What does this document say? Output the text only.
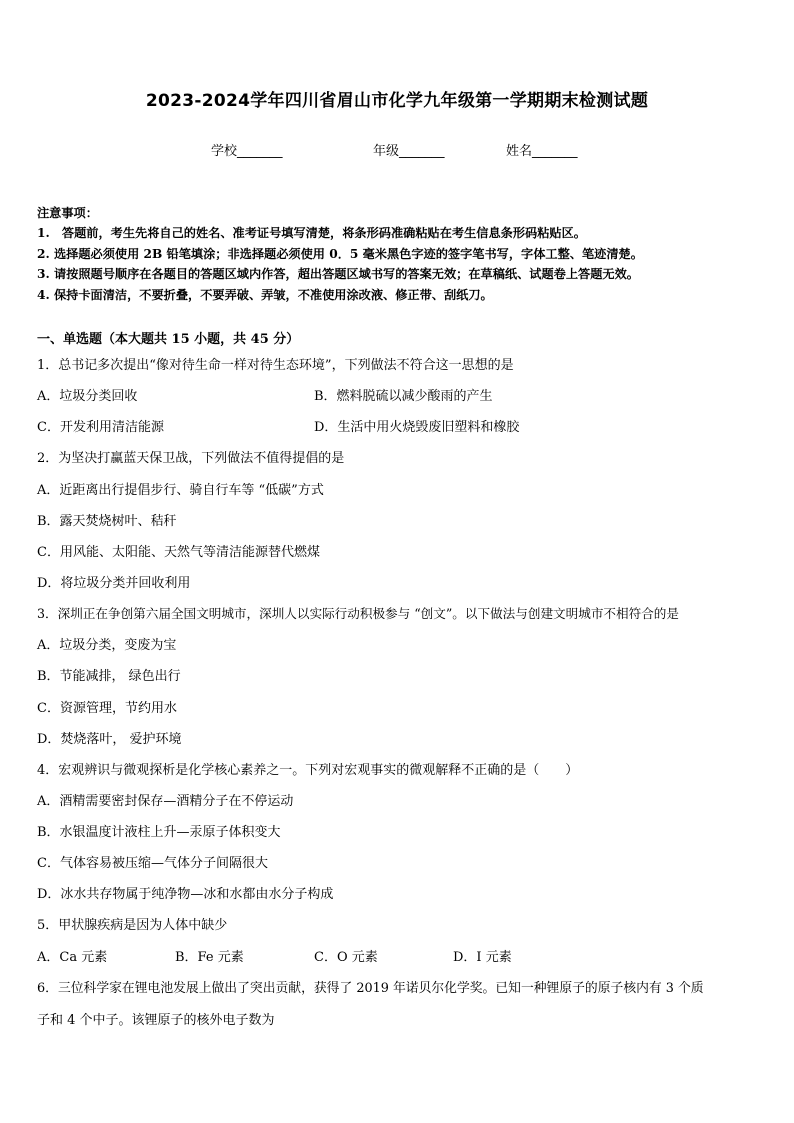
2023-2024学年四川省眉山市化学九年级第一学期期末检测试题
学校_______	年级_______	姓名_______
注意事项：
1.　答题前，考生先将自己的姓名、准考证号填写清楚，将条形码准确粘贴在考生信息条形码粘贴区。
2. 选择题必须使用 2B 铅笔填涂；非选择题必须使用 0．5 毫米黑色字迹的签字笔书写，字体工整、笔迹清楚。
3. 请按照题号顺序在各题目的答题区域内作答，超出答题区域书写的答案无效；在草稿纸、试题卷上答题无效。
4. 保持卡面清洁，不要折叠，不要弄破、弄皱，不准使用涂改液、修正带、刮纸刀。
一、单选题（本大题共 15 小题，共 45 分）
1．总书记多次提出“像对待生命一样对待生态环境”，下列做法不符合这一思想的是
A．垃圾分类回收	B．燃料脱硫以减少酸雨的产生
C．开发利用清洁能源	D．生活中用火烧毁废旧塑料和橡胶
2．为坚决打赢蓝天保卫战，下列做法不值得提倡的是
A．近距离出行提倡步行、骑自行车等 “低碳”方式
B．露天焚烧树叶、秸秆
C．用风能、太阳能、天然气等清洁能源替代燃煤
D．将垃圾分类并回收利用
3．深圳正在争创第六届全国文明城市，深圳人以实际行动积极参与 “创文”。以下做法与创建文明城市不相符合的是
A．垃圾分类，变废为宝
B．节能减排， 绿色出行
C．资源管理，节约用水
D．焚烧落叶， 爱护环境
4．宏观辨识与微观探析是化学核心素养之一。下列对宏观事实的微观解释不正确的是（　　）
A．酒精需要密封保存—酒精分子在不停运动
B．水银温度计液柱上升—汞原子体积变大
C．气体容易被压缩—气体分子间隔很大
D．冰水共存物属于纯净物—冰和水都由水分子构成
5．甲状腺疾病是因为人体中缺少
A．Ca 元素	B．Fe 元素	C．O 元素	D．I 元素
6．三位科学家在锂电池发展上做出了突出贡献，获得了 2019 年诺贝尔化学奖。已知一种锂原子的原子核内有 3 个质
子和 4 个中子。该锂原子的核外电子数为
